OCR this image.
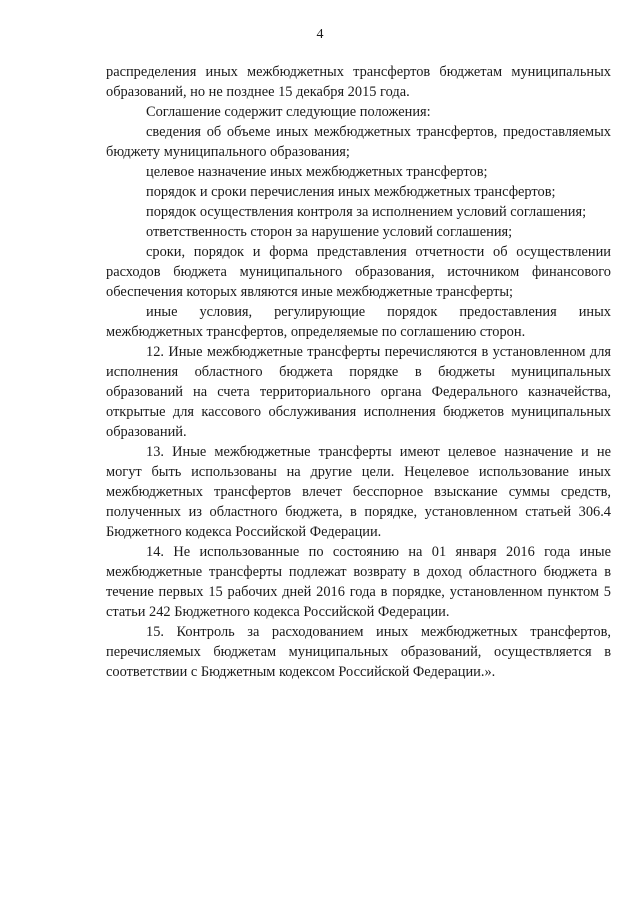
4

распределения иных межбюджетных трансфертов бюджетам муниципальных образований, но не позднее 15 декабря 2015 года.

Соглашение содержит следующие положения:

сведения об объеме иных межбюджетных трансфертов, предоставляемых бюджету муниципального образования;

целевое назначение иных межбюджетных трансфертов;

порядок и сроки перечисления иных межбюджетных трансфертов;

порядок осуществления контроля за исполнением условий соглашения;

ответственность сторон за нарушение условий соглашения;

сроки, порядок и форма представления отчетности об осуществлении расходов бюджета муниципального образования, источником финансового обеспечения которых являются иные межбюджетные трансферты;

иные условия, регулирующие порядок предоставления иных межбюджетных трансфертов, определяемые по соглашению сторон.

12. Иные межбюджетные трансферты перечисляются в установленном для исполнения областного бюджета порядке в бюджеты муниципальных образований на счета территориального органа Федерального казначейства, открытые для кассового обслуживания исполнения бюджетов муниципальных образований.

13. Иные межбюджетные трансферты имеют целевое назначение и не могут быть использованы на другие цели. Нецелевое использование иных межбюджетных трансфертов влечет бесспорное взыскание суммы средств, полученных из областного бюджета, в порядке, установленном статьей 306.4 Бюджетного кодекса Российской Федерации.

14. Не использованные по состоянию на 01 января 2016 года иные межбюджетные трансферты подлежат возврату в доход областного бюджета в течение первых 15 рабочих дней 2016 года в порядке, установленном пунктом 5 статьи 242 Бюджетного кодекса Российской Федерации.

15. Контроль за расходованием иных межбюджетных трансфертов, перечисляемых бюджетам муниципальных образований, осуществляется в соответствии с Бюджетным кодексом Российской Федерации.».
